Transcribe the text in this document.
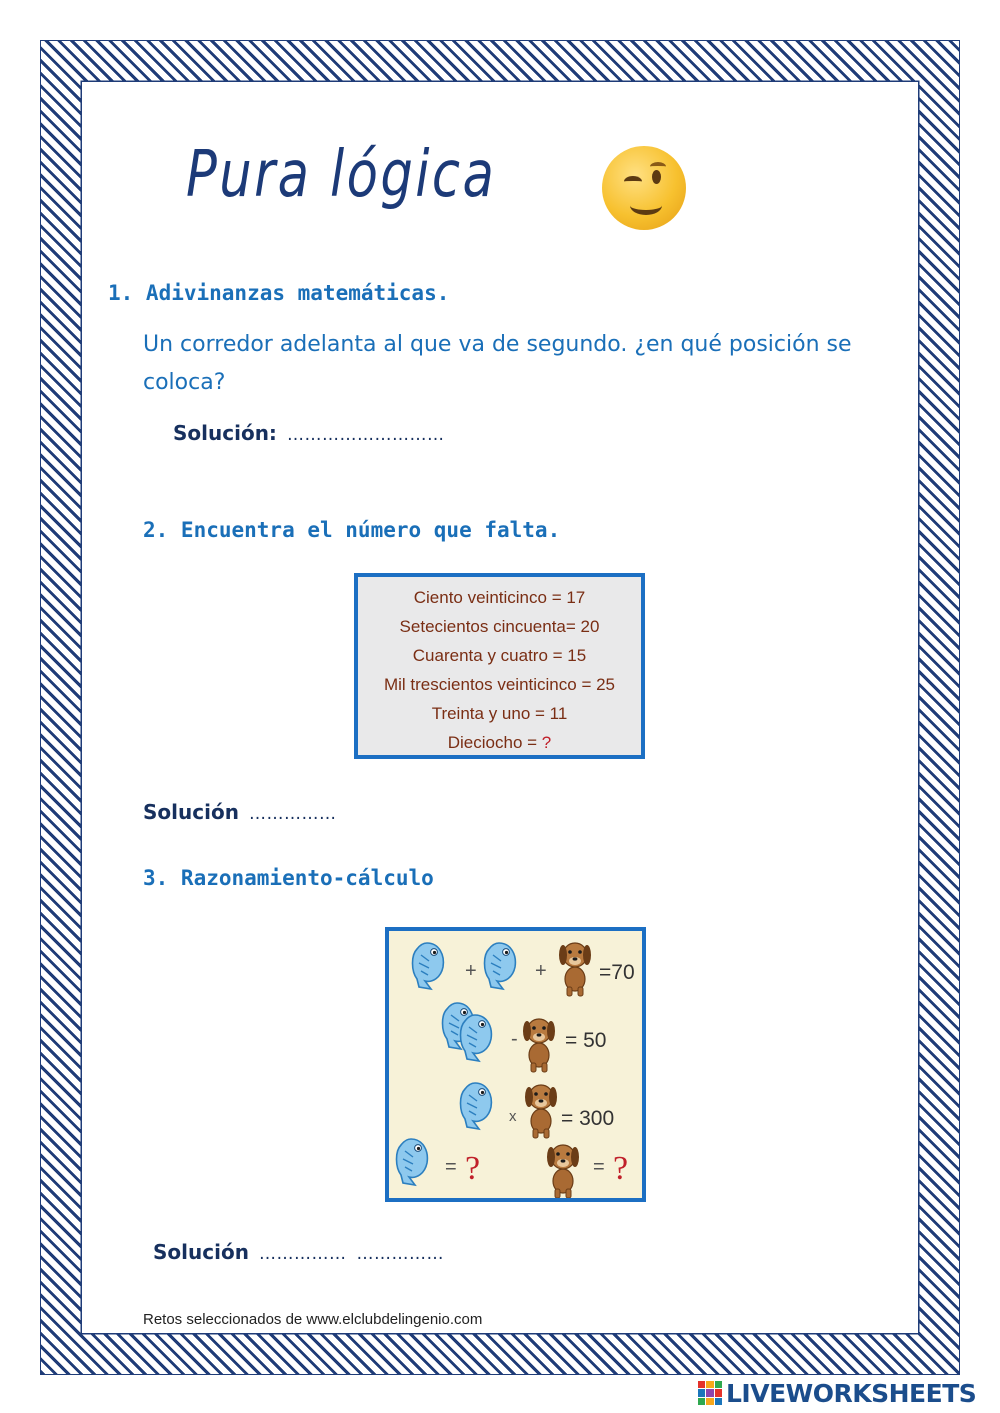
Pura lógica
1. Adivinanzas matemáticas.
Un corredor adelanta al que va de segundo. ¿en qué posición se coloca?
Solución: ………………………
2. Encuentra el número que falta.
Ciento veinticinco = 17
Setecientos cincuenta= 20
Cuarenta y cuatro = 15
Mil trescientos veinticinco = 25
Treinta y uno = 11
Dieciocho = ?
Solución ……………
3. Razonamiento-cálculo
+	+ =70
- = 50
x = 300
= ?	= ?
Solución …………… ……………
Retos seleccionados de www.elclubdelingenio.com
LIVEWORKSHEETS
